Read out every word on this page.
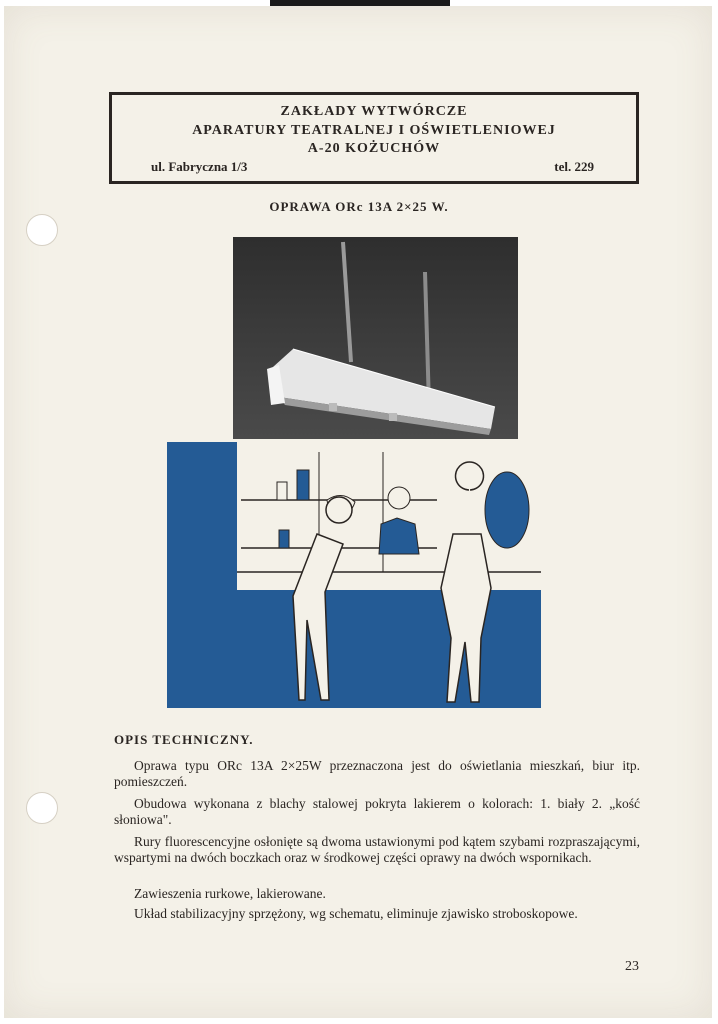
ZAKŁADY WYTWÓRCZE
APARATURY TEATRALNEJ I OŚWIETLENIOWEJ
A-20 KOŻUCHÓW
ul. Fabryczna 1/3	tel. 229
OPRAWA ORc 13A 2×25 W.
OPIS TECHNICZNY.
Oprawa typu ORc 13A 2×25W przeznaczona jest do oświetlania mieszkań, biur itp. pomieszczeń.
Obudowa wykonana z blachy stalowej pokryta lakierem o kolorach: 1. biały 2. „kość słoniowa".
Rury fluorescencyjne osłonięte są dwoma ustawionymi pod kątem szybami rozpraszającymi, wspartymi na dwóch boczkach oraz w środkowej części oprawy na dwóch wspornikach.
Zawieszenia rurkowe, lakierowane.
Układ stabilizacyjny sprzężony, wg schematu, eliminuje zjawisko stroboskopowe.
23
